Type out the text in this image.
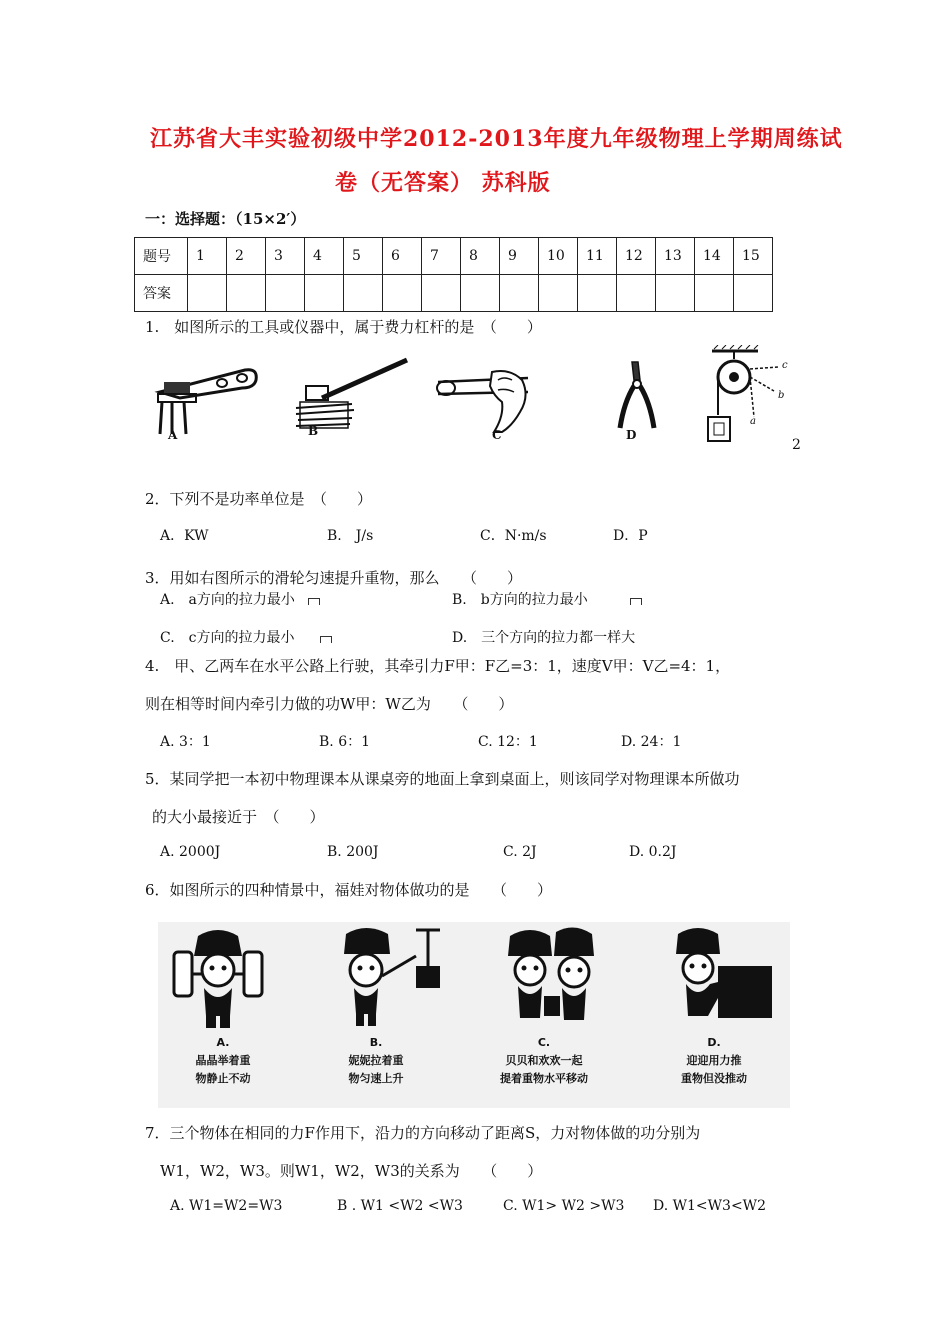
江苏省大丰实验初级中学2012-2013年度九年级物理上学期周练试
卷（无答案） 苏科版
一：选择题：（15×2′）
题号	1	2	3	4	5	6	7	8	9	10	11	12	13	14	15
答案															
1.　如图所示的工具或仪器中，属于费力杠杆的是　（　　）
A	B	C	D
c
b
a
2
2．下列不是功率单位是　（　　）
A．KW	B.　J/s	C．N·m/s	D．P
3．用如右图所示的滑轮匀速提升重物，那么　　（　　）
A.　a方向的拉力最小	B.　b方向的拉力最小
C.　c方向的拉力最小	D.　三个方向的拉力都一样大
4.　甲、乙两车在水平公路上行驶，其牵引力F甲：F乙=3：1，速度V甲：V乙=4：1，
则在相等时间内牵引力做的功W甲：W乙为　　（　　）
A. 3：1	B. 6：1	C. 12：1	D. 24：1
5．某同学把一本初中物理课本从课桌旁的地面上拿到桌面上，则该同学对物理课本所做功
的大小最接近于　（　　）
A. 2000J	B. 200J	C. 2J	D. 0.2J
6．如图所示的四种情景中，福娃对物体做功的是　　（　　）
A.
晶晶举着重
物静止不动
B.
妮妮拉着重
物匀速上升
C.
贝贝和欢欢一起
提着重物水平移动
D.
迎迎用力推
重物但没推动
7．三个物体在相同的力F作用下，沿力的方向移动了距离S，力对物体做的功分别为
W1，W2，W3。则W1，W2，W3的关系为　　（　　）
A. W1=W2=W3	B . W1 <W2 <W3	C. W1> W2 >W3 D. W1<W3<W2
